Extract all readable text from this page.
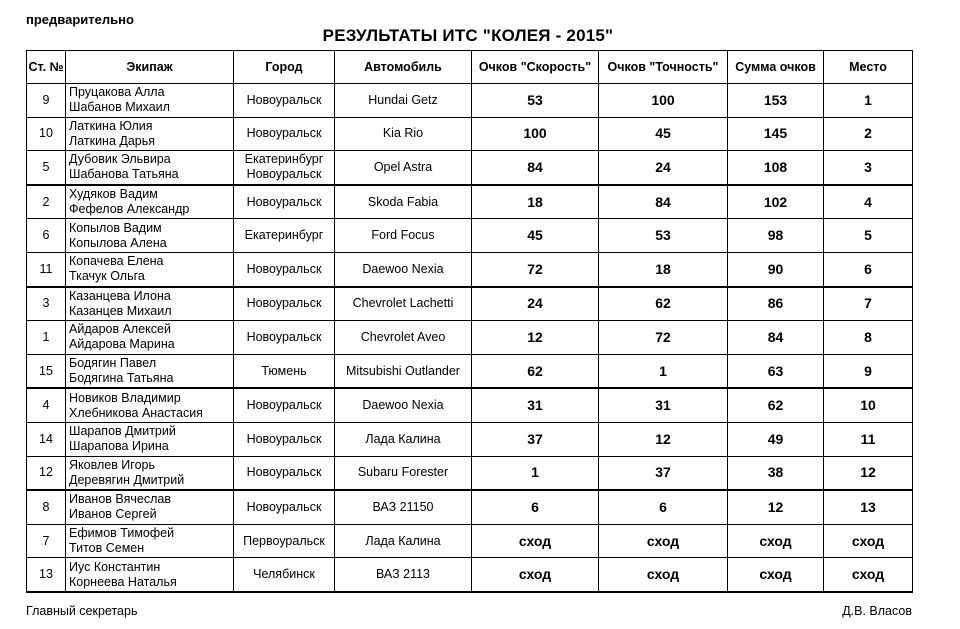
предварительно
РЕЗУЛЬТАТЫ ИТС "КОЛЕЯ - 2015"
Ст. №	Экипаж	Город	Автомобиль	Очков "Скорость"	Очков "Точность"	Сумма очков	Место
9	Пруцакова Алла
Шабанов Михаил	Новоуральск	Hundai Getz	53	100	153	1
10	Латкина Юлия
Латкина Дарья	Новоуральск	Kia Rio	100	45	145	2
5	Дубовик Эльвира
Шабанова Татьяна	Екатеринбург
Новоуральск	Opel Astra	84	24	108	3
2	Худяков Вадим
Фефелов Александр	Новоуральск	Skoda Fabia	18	84	102	4
6	Копылов Вадим
Копылова Алена	Екатеринбург	Ford Focus	45	53	98	5
11	Копачева Елена
Ткачук Ольга	Новоуральск	Daewoo Nexia	72	18	90	6
3	Казанцева Илона
Казанцев Михаил	Новоуральск	Chevrolet Lachetti	24	62	86	7
1	Айдаров Алексей
Айдарова Марина	Новоуральск	Chevrolet Aveo	12	72	84	8
15	Бодягин Павел
Бодягина Татьяна	Тюмень	Mitsubishi Outlander	62	1	63	9
4	Новиков Владимир
Хлебникова Анастасия	Новоуральск	Daewoo Nexia	31	31	62	10
14	Шарапов Дмитрий
Шарапова Ирина	Новоуральск	Лада Калина	37	12	49	11
12	Яковлев Игорь
Деревягин Дмитрий	Новоуральск	Subaru Forester	1	37	38	12
8	Иванов Вячеслав
Иванов Сергей	Новоуральск	ВАЗ 21150	6	6	12	13
7	Ефимов Тимофей
Титов Семен	Первоуральск	Лада Калина	сход	сход	сход	сход
13	Иус Константин
Корнеева Наталья	Челябинск	ВАЗ 2113	сход	сход	сход	сход
Главный секретарь	Д.В. Власов
